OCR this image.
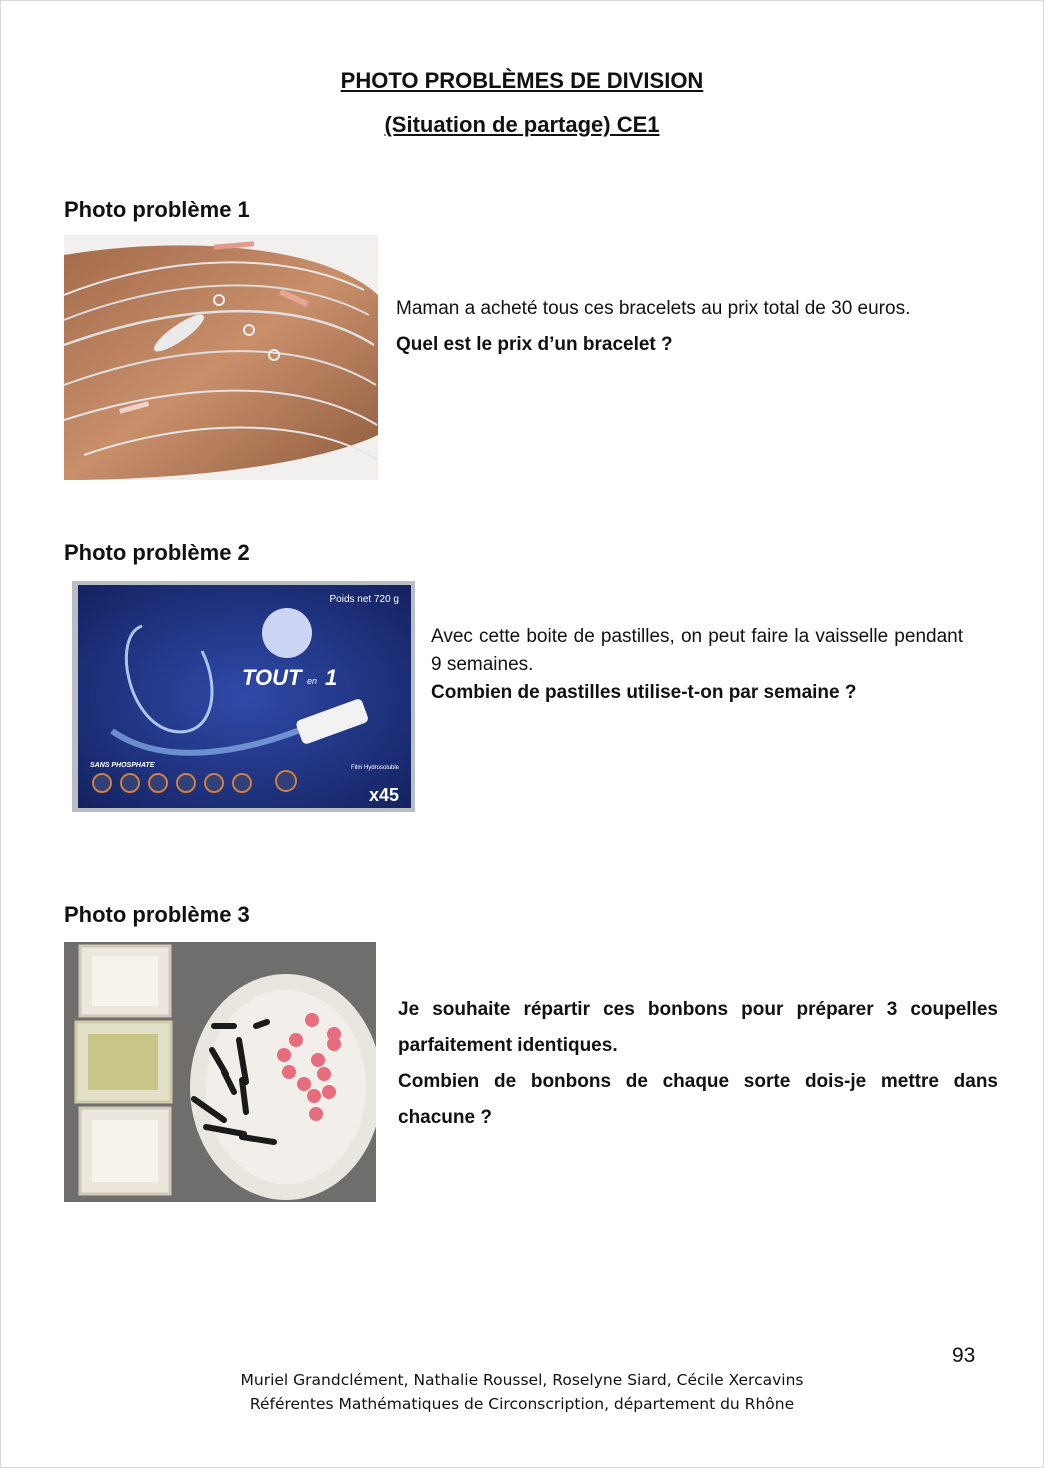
PHOTO PROBLÈMES DE DIVISION
(Situation de partage) CE1
Photo problème 1

Maman a acheté tous ces bracelets au prix total de 30 euros.

Quel est le prix d’un bracelet ?

Photo problème 2
Poids net 720 g
TOUT en 1
SANS PHOSPHATE	Film Hydrosoluble
x45

Avec cette boite de pastilles, on peut faire la vaisselle pendant 9 semaines.

Combien de pastilles utilise-t-on par semaine ?

Photo problème 3

Je souhaite répartir ces bonbons pour préparer 3 coupelles parfaitement identiques.

Combien de bonbons de chaque sorte dois-je mettre dans chacune ?

93
Muriel Grandclément, Nathalie Roussel, Roselyne Siard, Cécile Xercavins
Référentes Mathématiques de Circonscription, département du Rhône
